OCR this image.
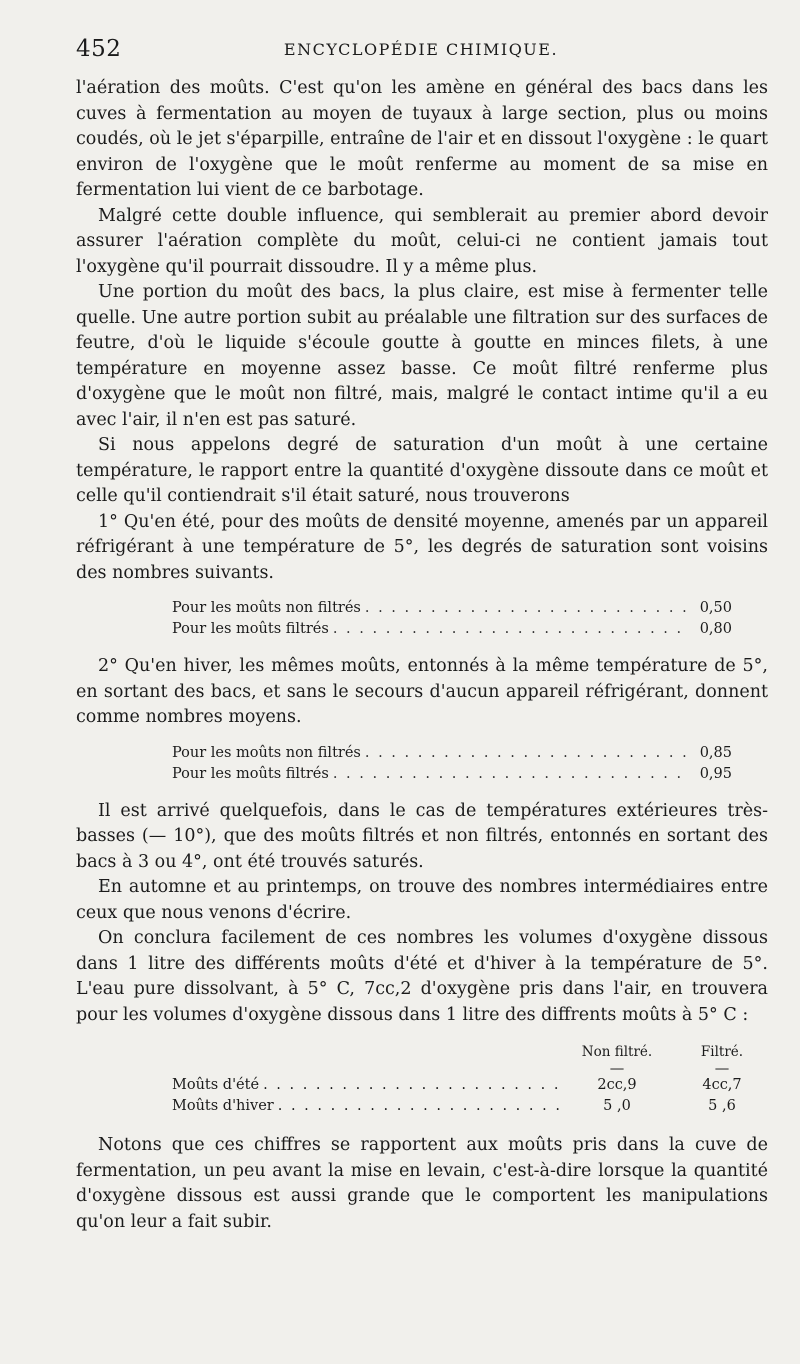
452	ENCYCLOPÉDIE CHIMIQUE.

l'aération des moûts. C'est qu'on les amène en général des bacs dans les cuves à fermentation au moyen de tuyaux à large section, plus ou moins coudés, où le jet s'éparpille, entraîne de l'air et en dissout l'oxygène : le quart environ de l'oxygène que le moût renferme au moment de sa mise en fermentation lui vient de ce barbotage.

Malgré cette double influence, qui semblerait au premier abord devoir assurer l'aération complète du moût, celui-ci ne contient jamais tout l'oxygène qu'il pourrait dissoudre. Il y a même plus.

Une portion du moût des bacs, la plus claire, est mise à fermenter telle quelle. Une autre portion subit au préalable une filtration sur des surfaces de feutre, d'où le liquide s'écoule goutte à goutte en minces filets, à une température en moyenne assez basse. Ce moût filtré renferme plus d'oxygène que le moût non filtré, mais, malgré le contact intime qu'il a eu avec l'air, il n'en est pas saturé.

Si nous appelons degré de saturation d'un moût à une certaine température, le rapport entre la quantité d'oxygène dissoute dans ce moût et celle qu'il contiendrait s'il était saturé, nous trouverons

1° Qu'en été, pour des moûts de densité moyenne, amenés par un appareil réfrigérant à une température de 5°, les degrés de saturation sont voisins des nombres suivants.

Pour les moûts non filtrés . . .	0,50
Pour les moûts filtrés . . .	0,80

2° Qu'en hiver, les mêmes moûts, entonnés à la même température de 5°, en sortant des bacs, et sans le secours d'aucun appareil réfrigérant, donnent comme nombres moyens.

Pour les moûts non filtrés . . .	0,85
Pour les moûts filtrés . . .	0,95

Il est arrivé quelquefois, dans le cas de températures extérieures très-basses (— 10°), que des moûts filtrés et non filtrés, entonnés en sortant des bacs à 3 ou 4°, ont été trouvés saturés.

En automne et au printemps, on trouve des nombres intermédiaires entre ceux que nous venons d'écrire.

On conclura facilement de ces nombres les volumes d'oxygène dissous dans 1 litre des différents moûts d'été et d'hiver à la température de 5°. L'eau pure dissolvant, à 5° C, 7cc,2 d'oxygène pris dans l'air, en trouvera pour les volumes d'oxygène dissous dans 1 litre des diffrents moûts à 5° C :

Non filtré.	Filtré.
—	—
Moûts d'été . . .	2cc,9	4cc,7
Moûts d'hiver . . .	5 ,0	5 ,6

Notons que ces chiffres se rapportent aux moûts pris dans la cuve de fermentation, un peu avant la mise en levain, c'est-à-dire lorsque la quantité d'oxygène dissous est aussi grande que le comportent les manipulations qu'on leur a fait subir.
